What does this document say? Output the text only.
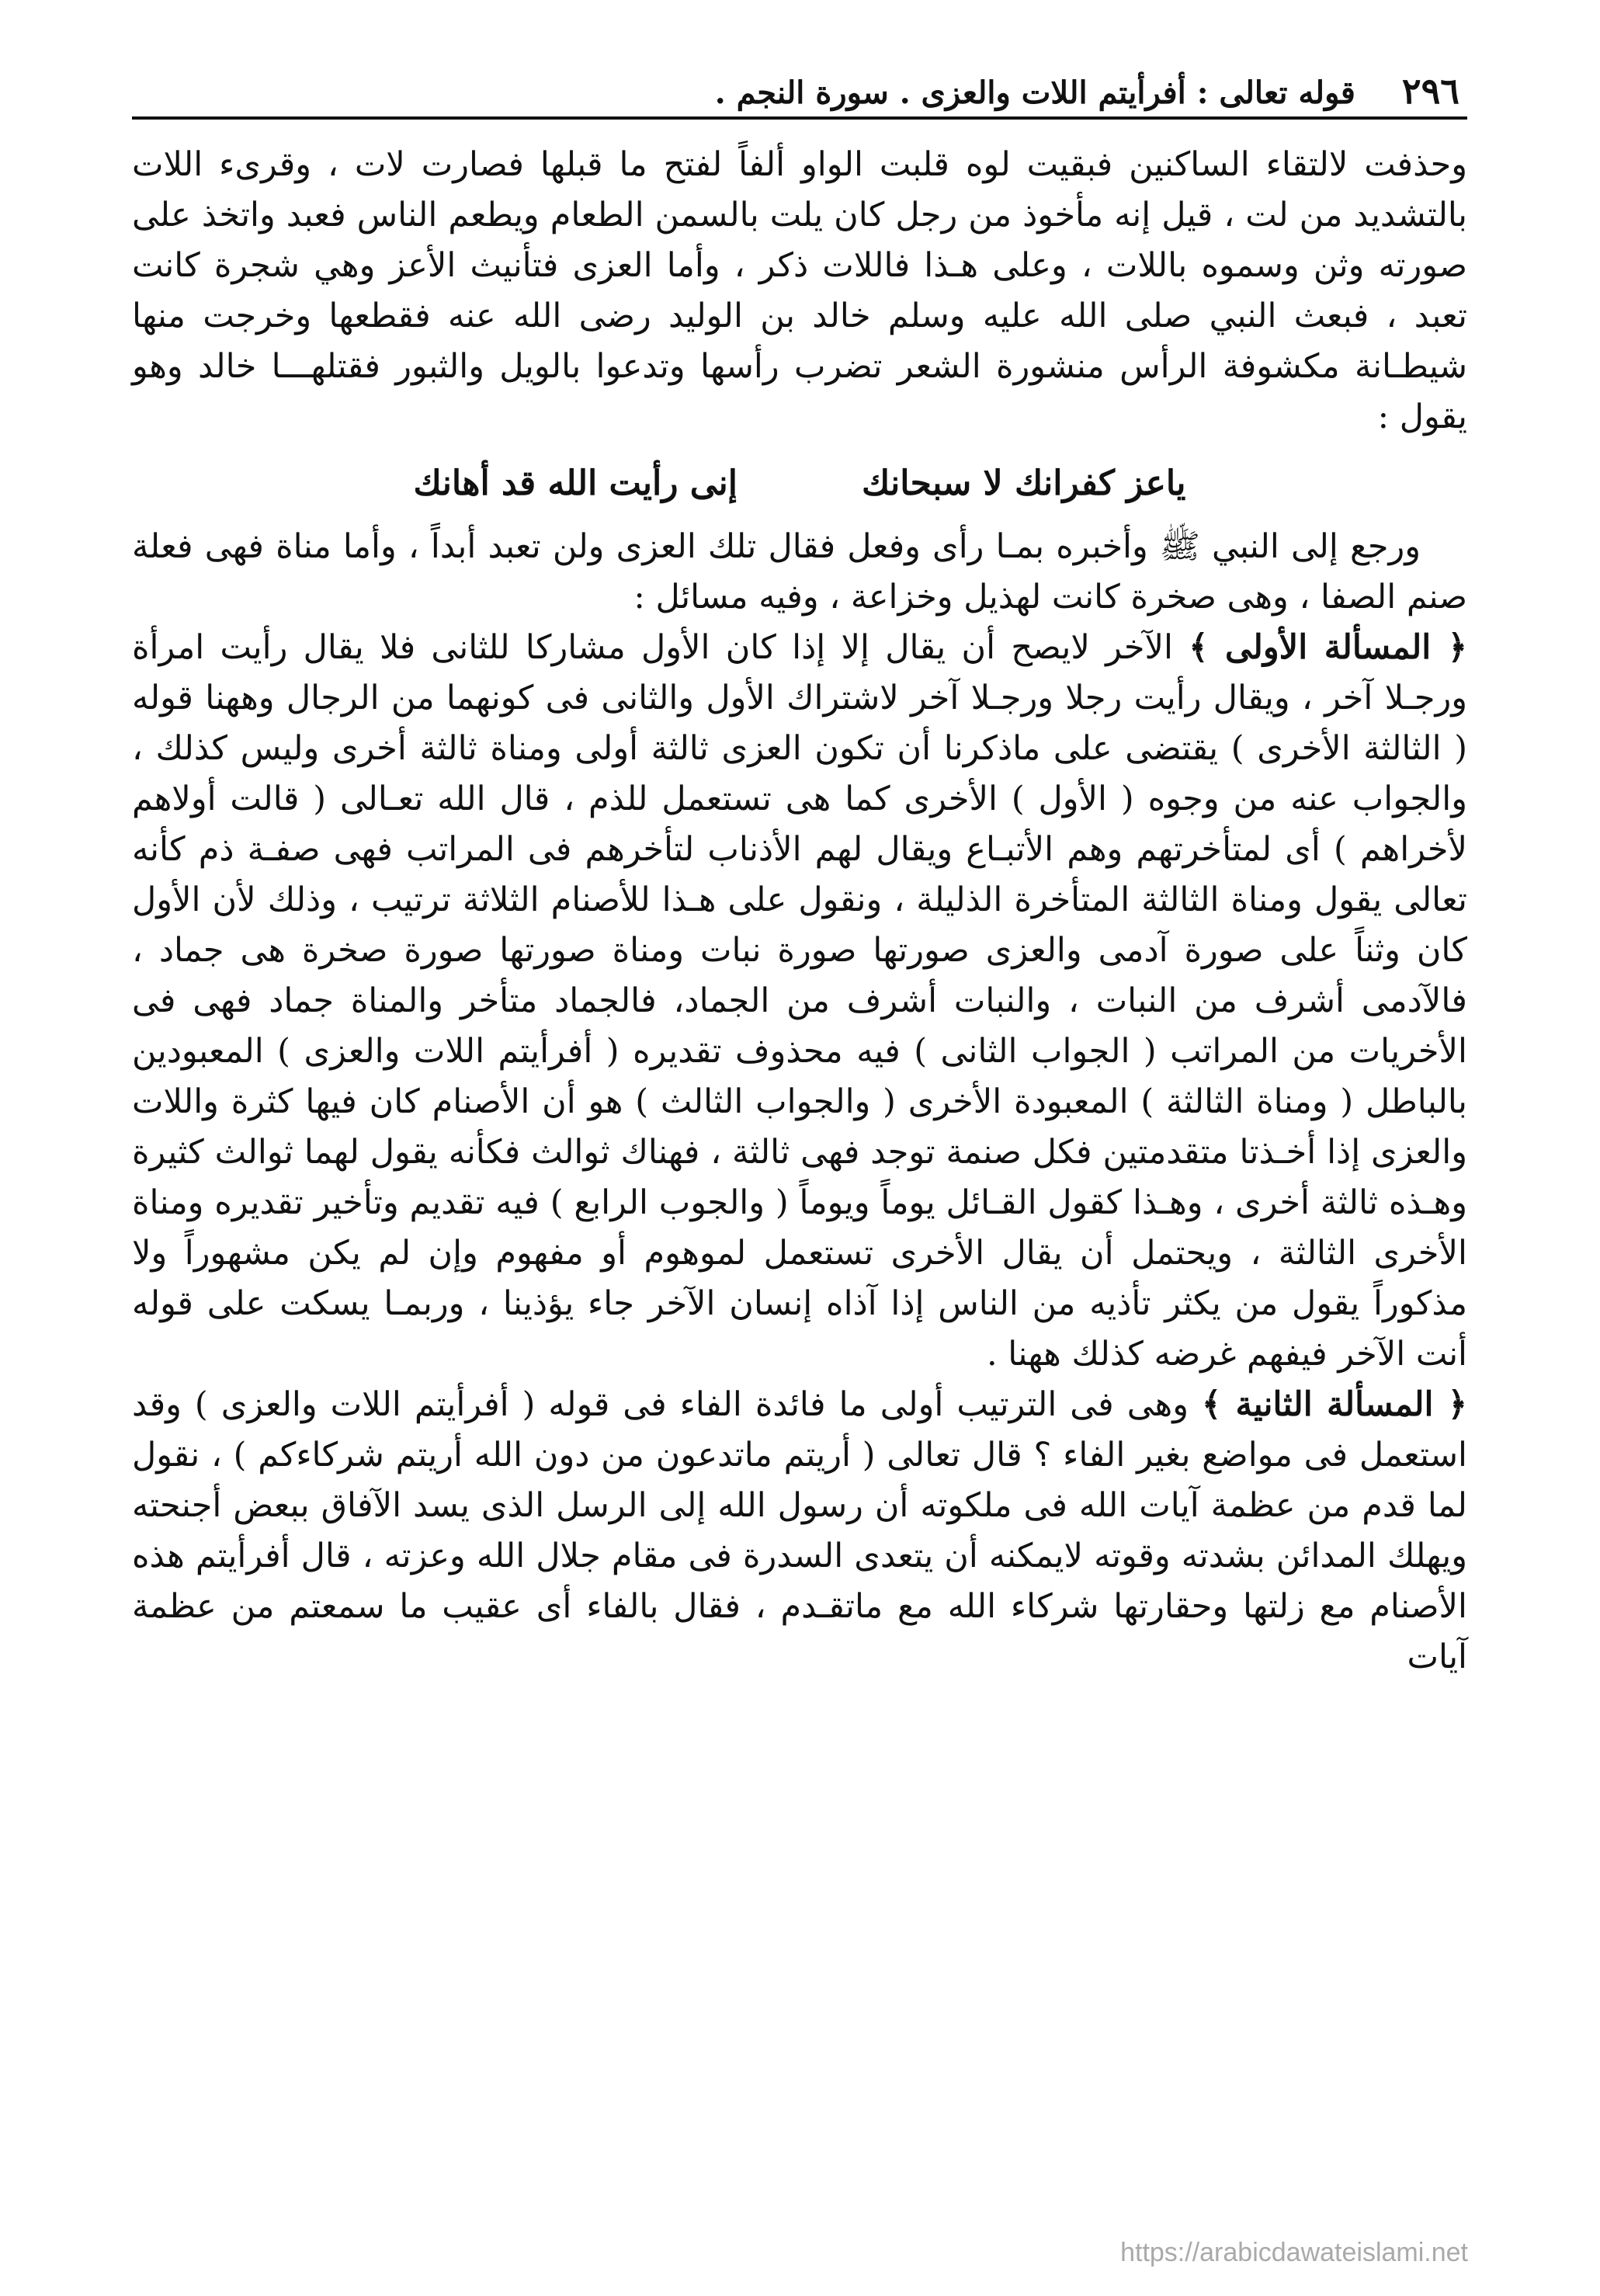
٢٩٦
قوله تعالى : أفرأيتم اللات والعزى . سورة النجم .

وحذفت لالتقاء الساكنين فبقيت لوه قلبت الواو ألفاً لفتح ما قبلها فصارت لات ، وقرىء اللات بالتشديد من لت ، قيل إنه مأخوذ من رجل كان يلت بالسمن الطعام ويطعم الناس فعبد واتخذ على صورته وثن وسموه باللات ، وعلى هـذا فاللات ذكر ، وأما العزى فتأنيث الأعز وهي شجرة كانت تعبد ، فبعث النبي صلى الله عليه وسلم خالد بن الوليد رضى الله عنه فقطعها وخرجت منها شيطـانة مكشوفة الرأس منشورة الشعر تضرب رأسها وتدعوا بالويل والثبور فقتلهـــا خالد وهو يقول :

ياعز كفرانك لا سبحانك
إنى رأيت الله قد أهانك

ورجع إلى النبي ﷺ وأخبره بمـا رأى وفعل فقال تلك العزى ولن تعبد أبداً ، وأما مناة فهى فعلة صنم الصفا ، وهى صخرة كانت لهذيل وخزاعة ، وفيه مسائل :

﴿ المسألة الأولى ﴾ الآخر لايصح أن يقال إلا إذا كان الأول مشاركا للثانى فلا يقال رأيت امرأة ورجـلا آخر ، ويقال رأيت رجلا ورجـلا آخر لاشتراك الأول والثانى فى كونهما من الرجال وههنا قوله ( الثالثة الأخرى ) يقتضى على ماذكرنا أن تكون العزى ثالثة أولى ومناة ثالثة أخرى وليس كذلك ، والجواب عنه من وجوه ( الأول ) الأخرى كما هى تستعمل للذم ، قال الله تعـالى ( قالت أولاهم لأخراهم ) أى لمتأخرتهم وهم الأتبـاع ويقال لهم الأذناب لتأخرهم فى المراتب فهى صفـة ذم كأنه تعالى يقول ومناة الثالثة المتأخرة الذليلة ، ونقول على هـذا للأصنام الثلاثة ترتيب ، وذلك لأن الأول كان وثناً على صورة آدمى والعزى صورتها صورة نبات ومناة صورتها صورة صخرة هى جماد ، فالآدمى أشرف من النبات ، والنبات أشرف من الجماد، فالجماد متأخر والمناة جماد فهى فى الأخريات من المراتب ( الجواب الثانى ) فيه محذوف تقديره ( أفرأيتم اللات والعزى ) المعبودين بالباطل ( ومناة الثالثة ) المعبودة الأخرى ( والجواب الثالث ) هو أن الأصنام كان فيها كثرة واللات والعزى إذا أخـذتا متقدمتين فكل صنمة توجد فهى ثالثة ، فهناك ثوالث فكأنه يقول لهما ثوالث كثيرة وهـذه ثالثة أخرى ، وهـذا كقول القـائل يوماً ويوماً ( والجوب الرابع ) فيه تقديم وتأخير تقديره ومناة الأخرى الثالثة ، ويحتمل أن يقال الأخرى تستعمل لموهوم أو مفهوم وإن لم يكن مشهوراً ولا مذكوراً يقول من يكثر تأذيه من الناس إذا آذاه إنسان الآخر جاء يؤذينا ، وربمـا يسكت على قوله أنت الآخر فيفهم غرضه كذلك ههنا .

﴿ المسألة الثانية ﴾ وهى فى الترتيب أولى ما فائدة الفاء فى قوله ( أفرأيتم اللات والعزى ) وقد استعمل فى مواضع بغير الفاء ؟ قال تعالى ( أريتم ماتدعون من دون الله أريتم شركاءكم ) ، نقول لما قدم من عظمة آيات الله فى ملكوته أن رسول الله إلى الرسل الذى يسد الآفاق ببعض أجنحته ويهلك المدائن بشدته وقوته لايمكنه أن يتعدى السدرة فى مقام جلال الله وعزته ، قال أفرأيتم هذه الأصنام مع زلتها وحقارتها شركاء الله مع ماتقـدم ، فقال بالفاء أى عقيب ما سمعتم من عظمة آيات

https://arabicdawateislami.net
